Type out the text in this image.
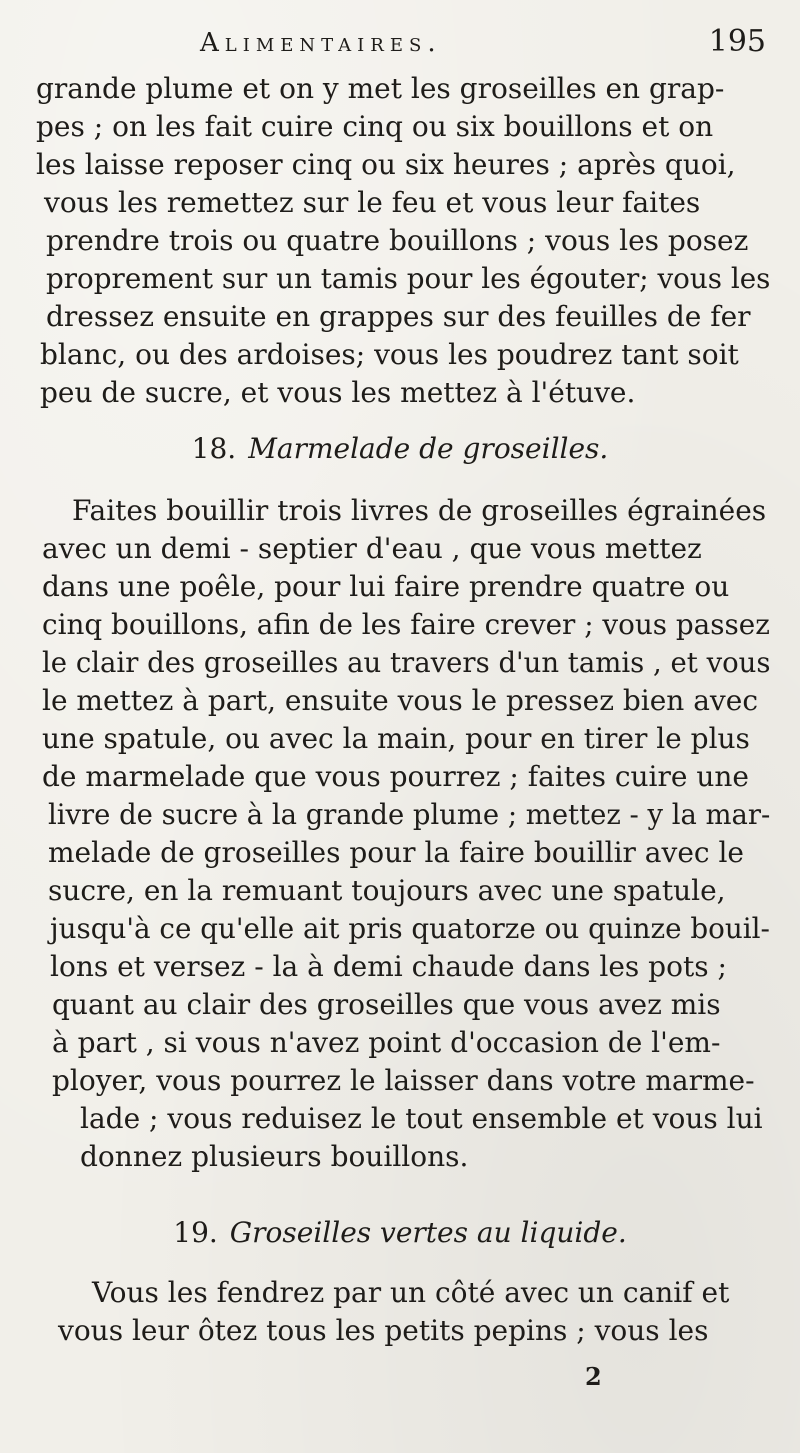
Alimentaires.	195
grande plume et on y met les groseilles en grap-
pes ; on les fait cuire cinq ou six bouillons et on
les laisse reposer cinq ou six heures ; après quoi,
vous les remettez sur le feu et vous leur faites
prendre trois ou quatre bouillons ; vous les posez
proprement sur un tamis pour les égouter; vous les
dressez ensuite en grappes sur des feuilles de fer
blanc, ou des ardoises; vous les poudrez tant soit
peu de sucre, et vous les mettez à l'étuve.
18. Marmelade de groseilles.
Faites bouillir trois livres de groseilles égrainées
avec un demi - septier d'eau , que vous mettez
dans une poêle, pour lui faire prendre quatre ou
cinq bouillons, afin de les faire crever ; vous passez
le clair des groseilles au travers d'un tamis , et vous
le mettez à part, ensuite vous le pressez bien avec
une spatule, ou avec la main, pour en tirer le plus
de marmelade que vous pourrez ; faites cuire une
livre de sucre à la grande plume ; mettez - y la mar-
melade de groseilles pour la faire bouillir avec le
sucre, en la remuant toujours avec une spatule,
jusqu'à ce qu'elle ait pris quatorze ou quinze bouil-
lons et versez - la à demi chaude dans les pots ;
quant au clair des groseilles que vous avez mis
à part , si vous n'avez point d'occasion de l'em-
ployer, vous pourrez le laisser dans votre marme-
lade ; vous reduisez le tout ensemble et vous lui
donnez plusieurs bouillons.
19. Groseilles vertes au liquide.
Vous les fendrez par un côté avec un canif et
vous leur ôtez tous les petits pepins ; vous les
2
